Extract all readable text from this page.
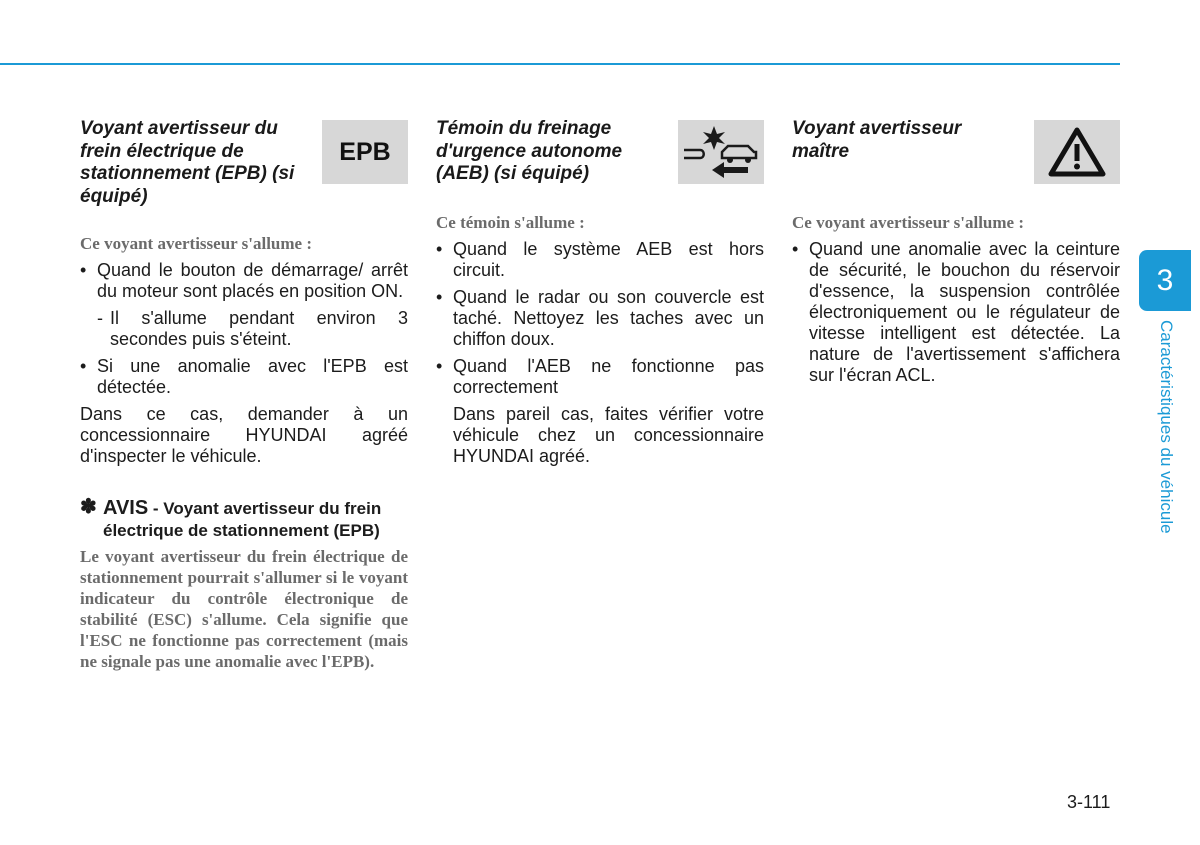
Voyant avertisseur du frein électrique de stationnement (EPB) (si équipé)
EPB
Ce voyant avertisseur s'allume :
• Quand le bouton de démarrage/ arrêt du moteur sont placés en position ON.
- Il s'allume pendant environ 3 secondes puis s'éteint.
• Si une anomalie avec l'EPB est détectée.
Dans ce cas, demander à un concessionnaire HYUNDAI agréé d'inspecter le véhicule.
✽ AVIS - Voyant avertisseur du frein électrique de stationnement (EPB)
Le voyant avertisseur du frein électrique de stationnement pourrait s'allumer si le voyant indicateur du contrôle électronique de stabilité (ESC) s'allume. Cela signifie que l'ESC ne fonctionne pas correctement (mais ne signale pas une anomalie avec l'EPB).
Témoin du freinage d'urgence autonome (AEB) (si équipé)
Ce témoin s'allume :
• Quand le système AEB est hors circuit.
• Quand le radar ou son couvercle est taché. Nettoyez les taches avec un chiffon doux.
• Quand l'AEB ne fonctionne pas correctement
Dans pareil cas, faites vérifier votre véhicule chez un concessionnaire HYUNDAI agréé.
Voyant avertisseur maître
Ce voyant avertisseur s'allume :
• Quand une anomalie avec la ceinture de sécurité, le bouchon du réservoir d'essence, la suspension contrôlée électroniquement ou le régulateur de vitesse intelligent est détectée. La nature de l'avertissement s'affichera sur l'écran ACL.
3
Caractéristiques du véhicule
3-111
